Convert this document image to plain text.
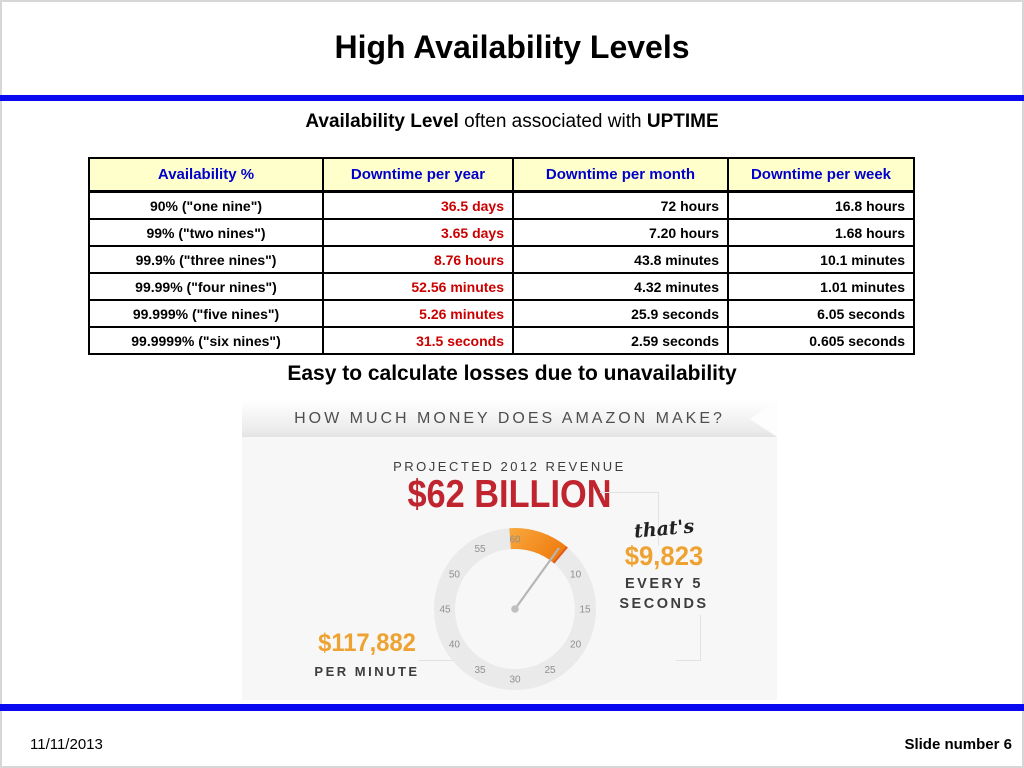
High Availability Levels
Availability Level often associated with UPTIME
Availability %	Downtime per year	Downtime per month	Downtime per week
90% ("one nine")	36.5 days	72 hours	16.8 hours
99% ("two nines")	3.65 days	7.20 hours	1.68 hours
99.9% ("three nines")	8.76 hours	43.8 minutes	10.1 minutes
99.99% ("four nines")	52.56 minutes	4.32 minutes	1.01 minutes
99.999% ("five nines")	5.26 minutes	25.9 seconds	6.05 seconds
99.9999% ("six nines")	31.5 seconds	2.59 seconds	0.605 seconds
Easy to calculate losses due to unavailability
HOW MUCH MONEY DOES AMAZON MAKE?
PROJECTED 2012 REVENUE
$62 BILLION
10
15
20
25
30
35
40
45
50
55
60	that's
$9,823
EVERY 5
SECONDS
$117,882
PER MINUTE
11/11/2013	Slide number 6
